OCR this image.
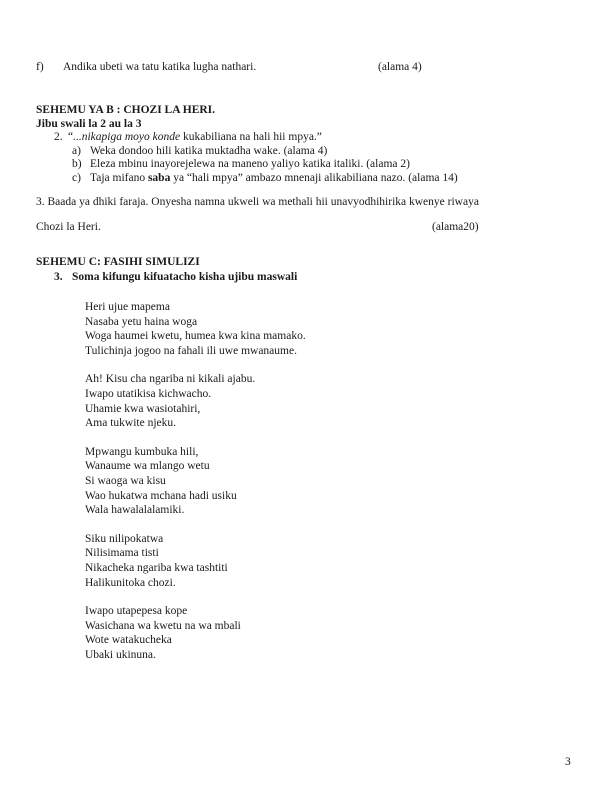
f) Andika ubeti wa tatu katika lugha nathari.	(alama 4)
SEHEMU YA B : CHOZI LA HERI.
Jibu swali la 2 au la 3
2. “...nikapiga moyo konde kukabiliana na hali hii mpya.”
a) Weka dondoo hili katika muktadha wake. (alama 4)
b) Eleza mbinu inayorejelewa na maneno yaliyo katika italiki. (alama 2)
c) Taja mifano saba ya “hali mpya” ambazo mnenaji alikabiliana nazo. (alama 14)
3. Baada ya dhiki faraja. Onyesha namna ukweli wa methali hii unavyodhihirika kwenye riwaya
Chozi la Heri.	(alama20)
SEHEMU C: FASIHI SIMULIZI
3. Soma kifungu kifuatacho kisha ujibu maswali
Heri ujue mapema
Nasaba yetu haina woga
Woga haumei kwetu, humea kwa kina mamako.
Tulichinja jogoo na fahali ili uwe mwanaume.
Ah! Kisu cha ngariba ni kikali ajabu.
Iwapo utatikisa kichwacho.
Uhamie kwa wasiotahiri,
Ama tukwite njeku.
Mpwangu kumbuka hili,
Wanaume wa mlango wetu
Si waoga wa kisu
Wao hukatwa mchana hadi usiku
Wala hawalalalamiki.
Siku nilipokatwa
Nilisimama tisti
Nikacheka ngariba kwa tashtiti
Halikunitoka chozi.
Iwapo utapepesa kope
Wasichana wa kwetu na wa mbali
Wote watakucheka
Ubaki ukinuna.
3
